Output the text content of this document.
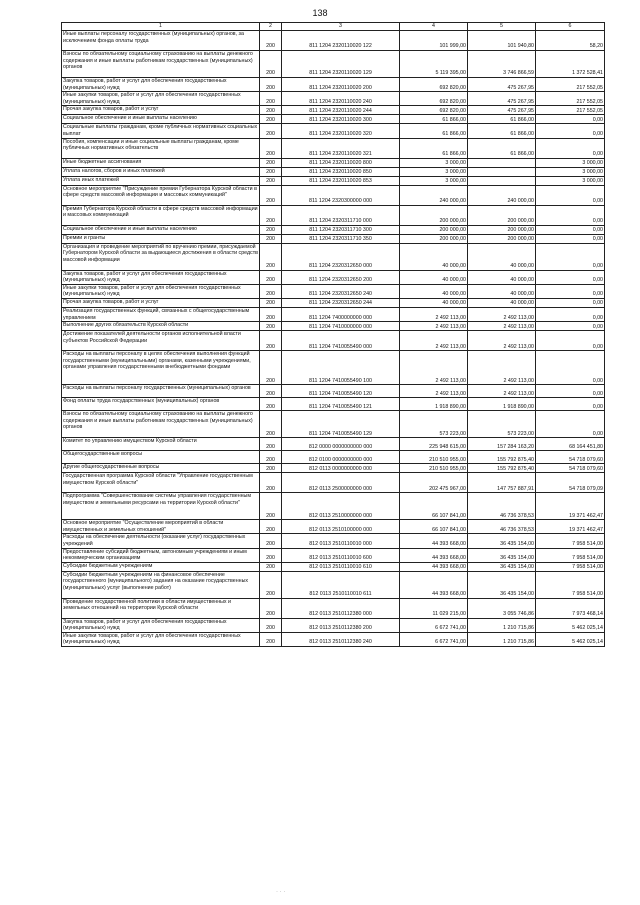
138
1	2	3	4	5	6
Иные выплаты персоналу государственных (муниципальных) органов, за исключением фонда оплаты труда	200	811 1204 2320110020 122	101 999,00	101 940,80	58,20
Взносы по обязательному социальному страхованию на выплаты денежного содержания и иные выплаты работникам государственных (муниципальных) органов	200	811 1204 2320110020 129	5 119 395,00	3 746 866,59	1 372 528,41
Закупка товаров, работ и услуг для обеспечения государственных (муниципальных) нужд	200	811 1204 2320110020 200	692 820,00	475 267,95	217 552,05
Иные закупки товаров, работ и услуг для обеспечения государственных (муниципальных) нужд	200	811 1204 2320110020 240	692 820,00	475 267,95	217 552,05
Прочая закупка товаров, работ и услуг	200	811 1204 2320110020 244	692 820,00	475 267,95	217 552,05
Социальное обеспечение и иные выплаты населению	200	811 1204 2320110020 300	61 866,00	61 866,00	0,00
Социальные выплаты гражданам, кроме публичных нормативных социальных выплат	200	811 1204 2320110020 320	61 866,00	61 866,00	0,00
Пособия, компенсации и иные социальные выплаты гражданам, кроме публичных нормативных обязательств	200	811 1204 2320110020 321	61 866,00	61 866,00	0,00
Иные бюджетные ассигнования	200	811 1204 2320110020 800	3 000,00		3 000,00
Уплата налогов, сборов и иных платежей	200	811 1204 2320110020 850	3 000,00		3 000,00
Уплата иных платежей	200	811 1204 2320110020 853	3 000,00		3 000,00
Основное мероприятие "Присуждение премии Губернатора Курской области в сфере средств массовой информации и массовых коммуникаций"	200	811 1204 2320300000 000	240 000,00	240 000,00	0,00
Премия Губернатора Курской области в сфере средств массовой информации и массовых коммуникаций	200	811 1204 2320311710 000	200 000,00	200 000,00	0,00
Социальное обеспечение и иные выплаты населению	200	811 1204 2320311710 300	200 000,00	200 000,00	0,00
Премии и гранты	200	811 1204 2320311710 350	200 000,00	200 000,00	0,00
Организация и проведение мероприятий по вручению премии, присуждаемой Губернатором Курской области за выдающиеся достижения в области средств массовой информации	200	811 1204 2320312650 000	40 000,00	40 000,00	0,00
Закупка товаров, работ и услуг для обеспечения государственных (муниципальных) нужд	200	811 1204 2320312650 200	40 000,00	40 000,00	0,00
Иные закупки товаров, работ и услуг для обеспечения государственных (муниципальных) нужд	200	811 1204 2320312650 240	40 000,00	40 000,00	0,00
Прочая закупка товаров, работ и услуг	200	811 1204 2320312650 244	40 000,00	40 000,00	0,00
Реализация государственных функций, связанных с общегосударственным управлением	200	811 1204 7400000000 000	2 492 113,00	2 492 113,00	0,00
Выполнение других обязательств Курской области	200	811 1204 7410000000 000	2 492 113,00	2 492 113,00	0,00
Достижение показателей деятельности органов исполнительной власти субъектов Российской Федерации	200	811 1204 7410055490 000	2 492 113,00	2 492 113,00	0,00
Расходы на выплаты персоналу в целях обеспечения выполнения функций государственными (муниципальными) органами, казенными учреждениями, органами управления государственными внебюджетными фондами	200	811 1204 7410055490 100	2 492 113,00	2 492 113,00	0,00
Расходы на выплаты персоналу государственных (муниципальных) органов	200	811 1204 7410055490 120	2 492 113,00	2 492 113,00	0,00
Фонд оплаты труда государственных (муниципальных) органов	200	811 1204 7410055490 121	1 918 890,00	1 918 890,00	0,00
Взносы по обязательному социальному страхованию на выплаты денежного содержания и иные выплаты работникам государственных (муниципальных) органов	200	811 1204 7410055490 129	573 223,00	573 223,00	0,00
Комитет по управлению имуществом Курской области	200	812 0000 0000000000 000	225 948 615,00	157 284 163,20	68 164 451,80
Общегосударственные вопросы	200	812 0100 0000000000 000	210 510 955,00	155 792 875,40	54 718 079,60
Другие общегосударственные вопросы	200	812 0113 0000000000 000	210 510 955,00	155 792 875,40	54 718 079,60
Государственная программа Курской области "Управление государственным имуществом Курской области"	200	812 0113 2500000000 000	202 475 967,00	147 757 887,91	54 718 079,09
Подпрограмма "Совершенствование системы управления государственным имуществом и земельными ресурсами на территории Курской области"	200	812 0113 2510000000 000	66 107 841,00	46 736 378,53	19 371 462,47
Основное мероприятие "Осуществление мероприятий в области имущественных и земельных отношений"	200	812 0113 2510100000 000	66 107 841,00	46 736 378,53	19 371 462,47
Расходы на обеспечение деятельности (оказание услуг) государственных учреждений	200	812 0113 2510110010 000	44 393 668,00	36 435 154,00	7 958 514,00
Предоставление субсидий бюджетным, автономным учреждениям и иным некоммерческим организациям	200	812 0113 2510110010 600	44 393 668,00	36 435 154,00	7 958 514,00
Субсидии бюджетным учреждениям	200	812 0113 2510110010 610	44 393 668,00	36 435 154,00	7 958 514,00
Субсидии бюджетным учреждениям на финансовое обеспечение государственного (муниципального) задания на оказание государственных (муниципальных) услуг (выполнение работ)	200	812 0113 2510110010 611	44 393 668,00	36 435 154,00	7 958 514,00
Проведение государственной политики в области имущественных и земельных отношений на территории Курской области	200	812 0113 2510112380 000	11 029 215,00	3 055 746,86	7 973 468,14
Закупка товаров, работ и услуг для обеспечения государственных (муниципальных) нужд	200	812 0113 2510112380 200	6 672 741,00	1 210 715,86	5 462 025,14
Иные закупки товаров, работ и услуг для обеспечения государственных (муниципальных) нужд	200	812 0113 2510112380 240	6 672 741,00	1 210 715,86	5 462 025,14
· · ·
